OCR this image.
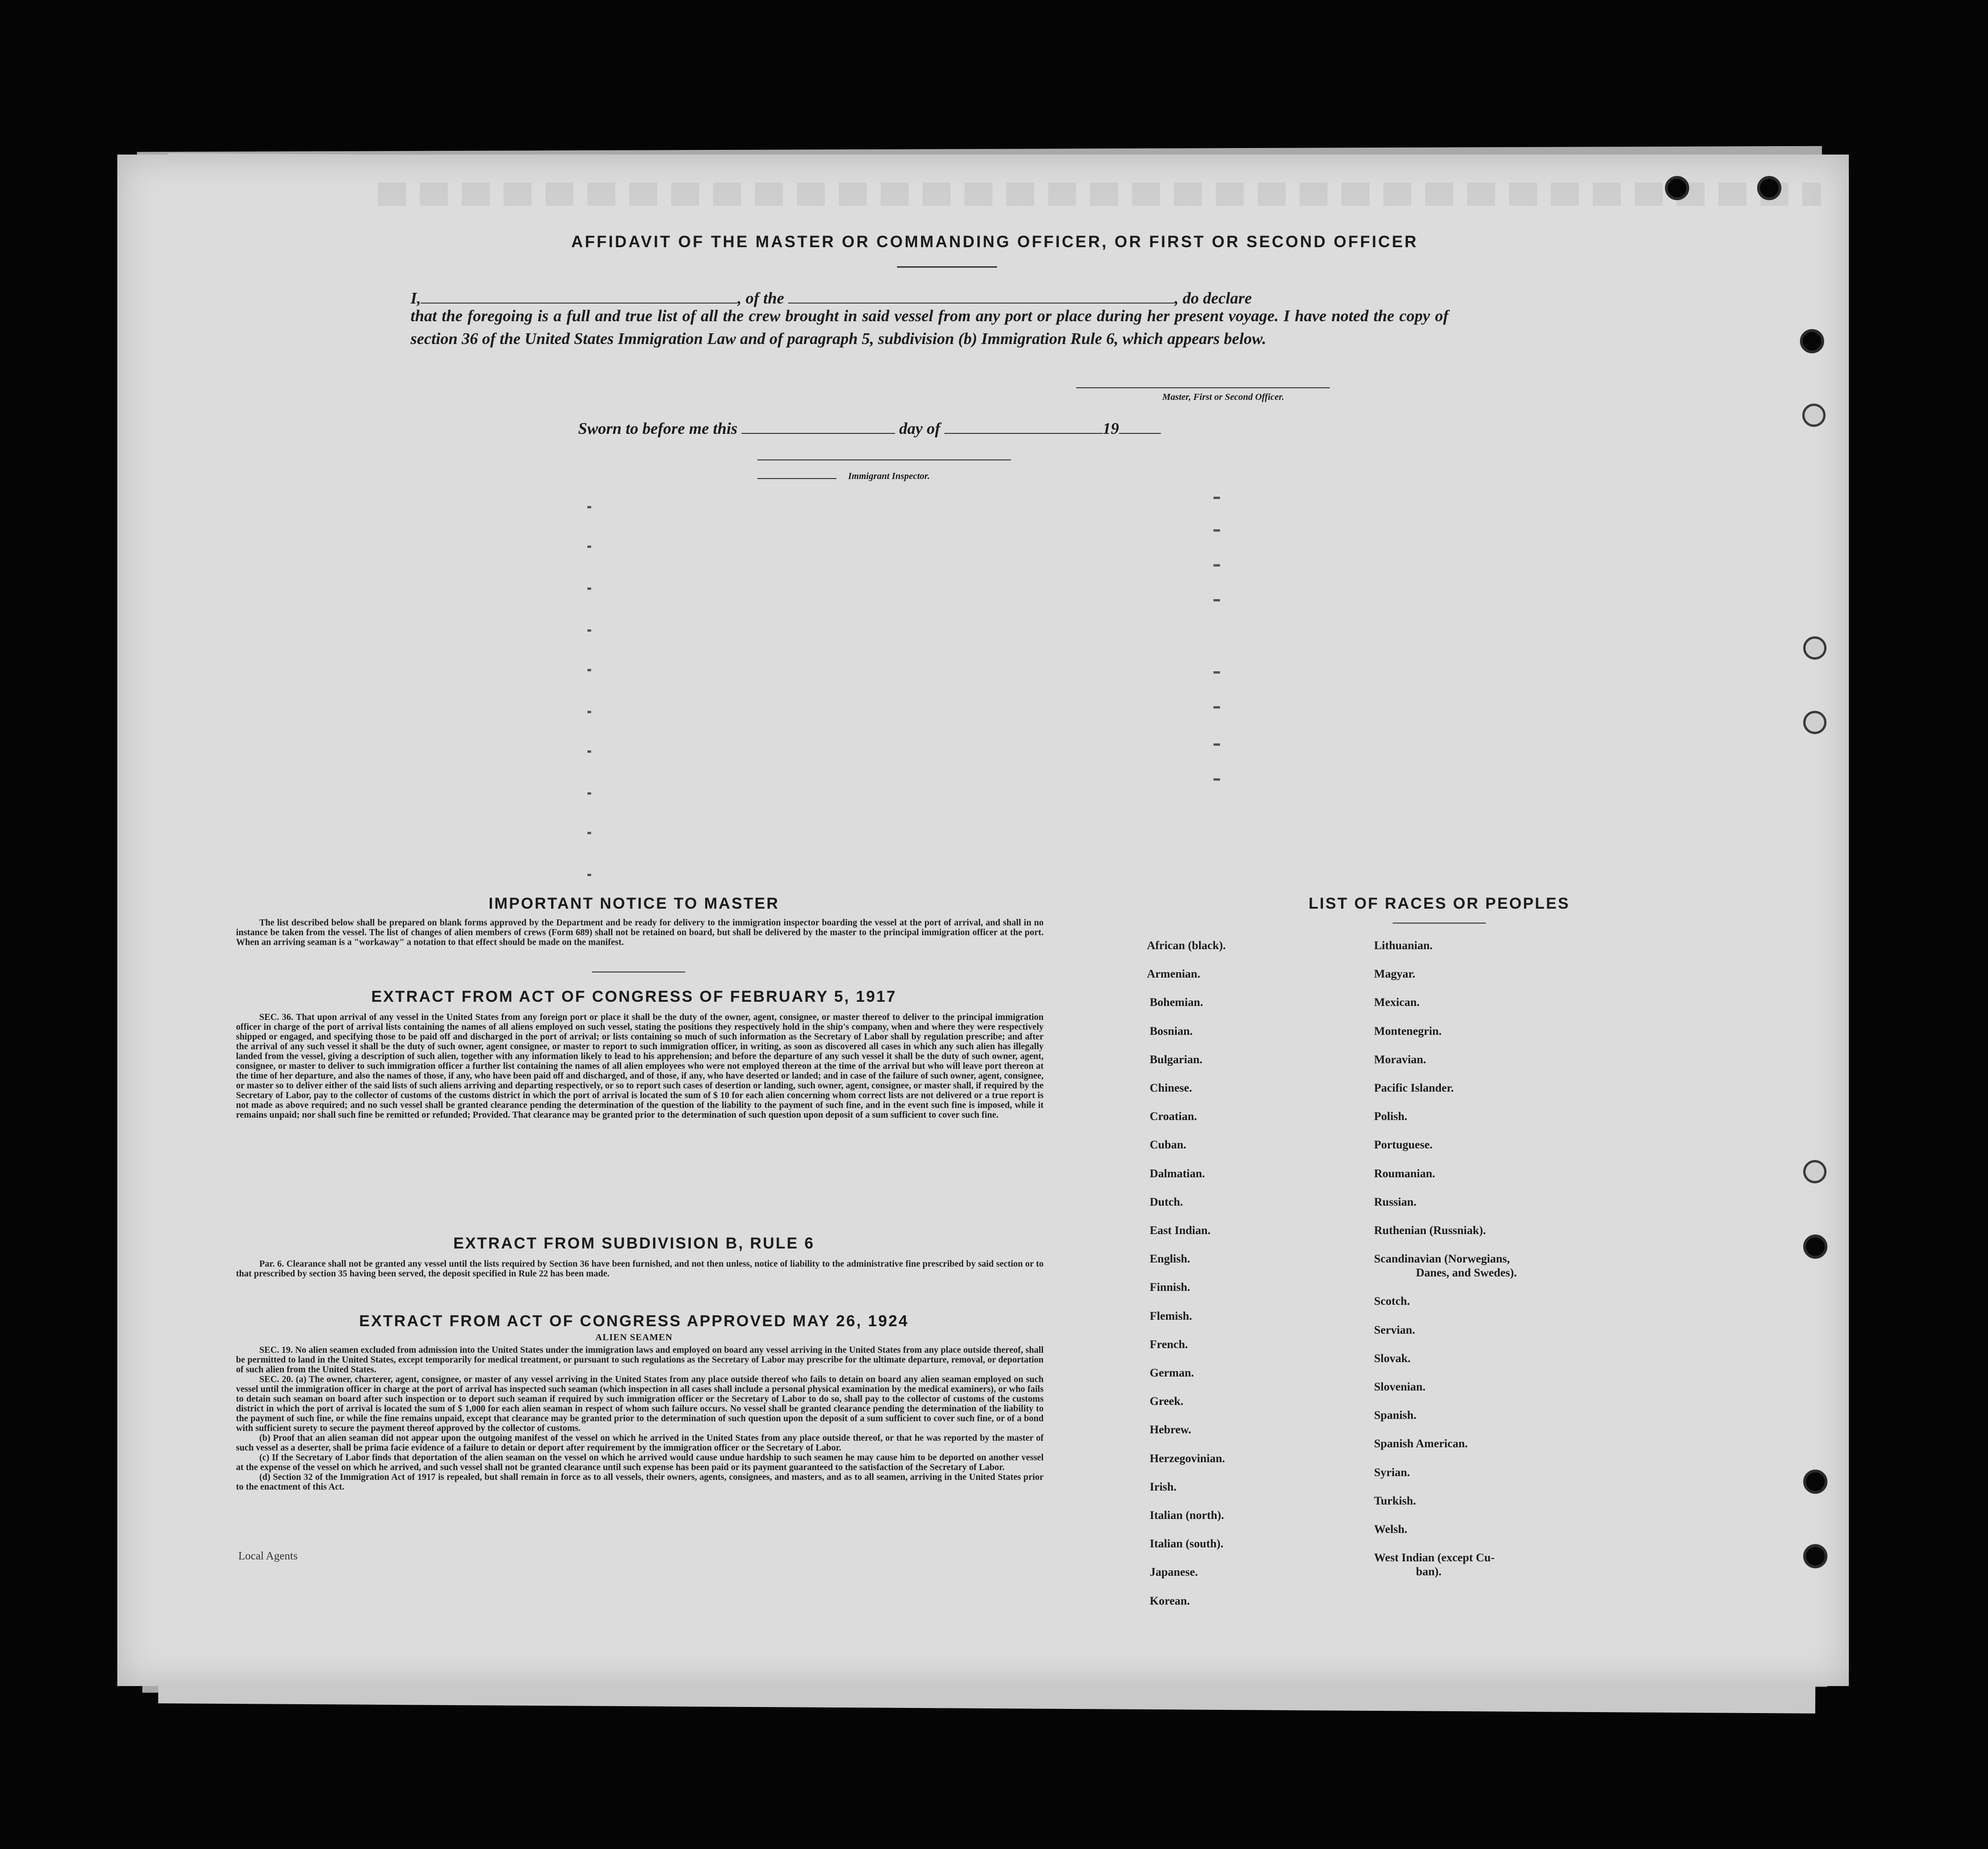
AFFIDAVIT OF THE MASTER OR COMMANDING OFFICER, OR FIRST OR SECOND OFFICER
I,	, of the	, do declare
that the foregoing is a full and true list of all the crew brought in said vessel from any port or place during her present voyage. I have noted the copy of section 36 of the United States Immigration Law and of paragraph 5, subdivision (b) Immigration Rule 6, which appears below.
Master, First or Second Officer.
Sworn to before me this	day of	19
Immigrant Inspector.
IMPORTANT NOTICE TO MASTER

The list described below shall be prepared on blank forms approved by the Department and be ready for delivery to the immigration inspector boarding the vessel at the port of arrival, and shall in no instance be taken from the vessel. The list of changes of alien members of crews (Form 689) shall not be retained on board, but shall be delivered by the master to the principal immigration officer at the port. When an arriving seaman is a "workaway" a notation to that effect should be made on the manifest.

EXTRACT FROM ACT OF CONGRESS OF FEBRUARY 5, 1917

SEC. 36. That upon arrival of any vessel in the United States from any foreign port or place it shall be the duty of the owner, agent, consignee, or master thereof to deliver to the principal immigration officer in charge of the port of arrival lists containing the names of all aliens employed on such vessel, stating the positions they respectively hold in the ship's company, when and where they were respectively shipped or engaged, and specifying those to be paid off and discharged in the port of arrival; or lists containing so much of such information as the Secretary of Labor shall by regulation prescribe; and after the arrival of any such vessel it shall be the duty of such owner, agent consignee, or master to report to such immigration officer, in writing, as soon as discovered all cases in which any such alien has illegally landed from the vessel, giving a description of such alien, together with any information likely to lead to his apprehension; and before the departure of any such vessel it shall be the duty of such owner, agent, consignee, or master to deliver to such immigration officer a further list containing the names of all alien employees who were not employed thereon at the time of the arrival but who will leave port thereon at the time of her departure, and also the names of those, if any, who have been paid off and discharged, and of those, if any, who have deserted or landed; and in case of the failure of such owner, agent, consignee, or master so to deliver either of the said lists of such aliens arriving and departing respectively, or so to report such cases of desertion or landing, such owner, agent, consignee, or master shall, if required by the Secretary of Labor, pay to the collector of customs of the customs district in which the port of arrival is located the sum of $ 10 for each alien concerning whom correct lists are not delivered or a true report is not made as above required; and no such vessel shall be granted clearance pending the determination of the question of the liability to the payment of such fine, and in the event such fine is imposed, while it remains unpaid; nor shall such fine be remitted or refunded; Provided. That clearance may be granted prior to the determination of such question upon deposit of a sum sufficient to cover such fine.

EXTRACT FROM SUBDIVISION B, RULE 6

Par. 6. Clearance shall not be granted any vessel until the lists required by Section 36 have been furnished, and not then unless, notice of liability to the administrative fine prescribed by said section or to that prescribed by section 35 having been served, the deposit specified in Rule 22 has been made.

EXTRACT FROM ACT OF CONGRESS APPROVED MAY 26, 1924
ALIEN SEAMEN

SEC. 19. No alien seamen excluded from admission into the United States under the immigration laws and employed on board any vessel arriving in the United States from any place outside thereof, shall be permitted to land in the United States, except temporarily for medical treatment, or pursuant to such regulations as the Secretary of Labor may prescribe for the ultimate departure, removal, or deportation of such alien from the United States.

SEC. 20. (a) The owner, charterer, agent, consignee, or master of any vessel arriving in the United States from any place outside thereof who fails to detain on board any alien seaman employed on such vessel until the immigration officer in charge at the port of arrival has inspected such seaman (which inspection in all cases shall include a personal physical examination by the medical examiners), or who fails to detain such seaman on board after such inspection or to deport such seaman if required by such immigration officer or the Secretary of Labor to do so, shall pay to the collector of customs of the customs district in which the port of arrival is located the sum of $ 1,000 for each alien seaman in respect of whom such failure occurs. No vessel shall be granted clearance pending the determination of the liability to the payment of such fine, or while the fine remains unpaid, except that clearance may be granted prior to the determination of such question upon the deposit of a sum sufficient to cover such fine, or of a bond with sufficient surety to secure the payment thereof approved by the collector of customs.

(b) Proof that an alien seaman did not appear upon the outgoing manifest of the vessel on which he arrived in the United States from any place outside thereof, or that he was reported by the master of such vessel as a deserter, shall be prima facie evidence of a failure to detain or deport after requirement by the immigration officer or the Secretary of Labor.

(c) If the Secretary of Labor finds that deportation of the alien seaman on the vessel on which he arrived would cause undue hardship to such seamen he may cause him to be deported on another vessel at the expense of the vessel on which he arrived, and such vessel shall not be granted clearance until such expense has been paid or its payment guaranteed to the satisfaction of the Secretary of Labor.

(d) Section 32 of the Immigration Act of 1917 is repealed, but shall remain in force as to all vessels, their owners, agents, consignees, and masters, and as to all seamen, arriving in the United States prior to the enactment of this Act.

Local Agents
LIST OF RACES OR PEOPLES
African (black).
Armenian.
Bohemian.
Bosnian.
Bulgarian.
Chinese.
Croatian.
Cuban.
Dalmatian.
Dutch.
East Indian.
English.
Finnish.
Flemish.
French.
German.
Greek.
Hebrew.
Herzegovinian.
Irish.
Italian (north).
Italian (south).
Japanese.
Korean.
Lithuanian.
Magyar.
Mexican.
Montenegrin.
Moravian.
Pacific Islander.
Polish.
Portuguese.
Roumanian.
Russian.
Ruthenian (Russniak).
Scandinavian (Norwegians,
Danes, and Swedes).
Scotch.
Servian.
Slovak.
Slovenian.
Spanish.
Spanish American.
Syrian.
Turkish.
Welsh.
West Indian (except Cu-
ban).
